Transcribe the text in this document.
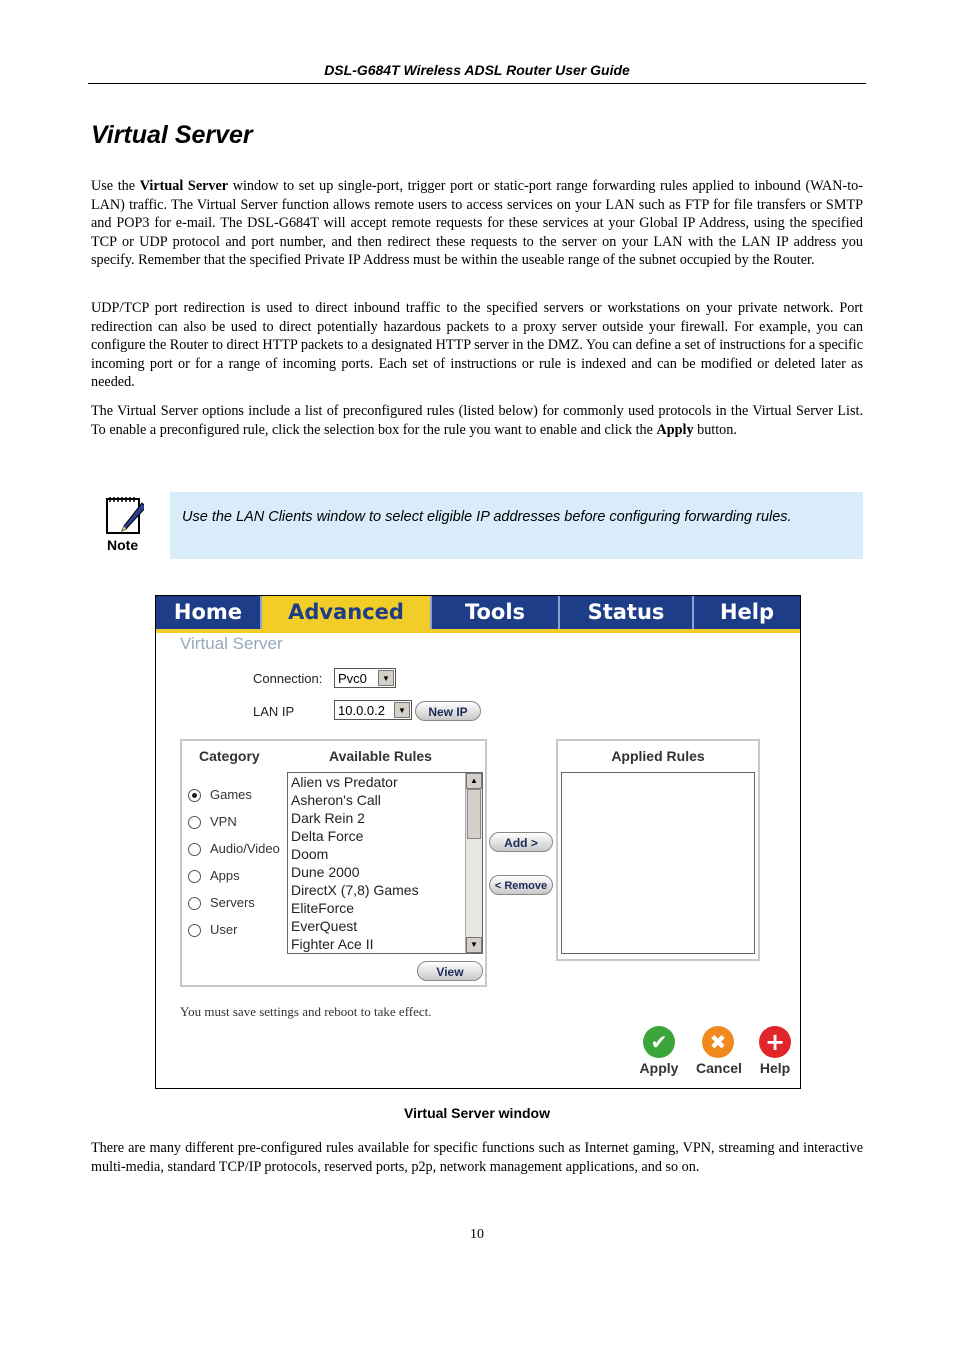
DSL-G684T Wireless ADSL Router User Guide
Virtual Server

Use the Virtual Server window to set up single-port, trigger port or static-port range forwarding rules applied to inbound (WAN-to-LAN) traffic. The Virtual Server function allows remote users to access services on your LAN such as FTP for file transfers or SMTP and POP3 for e-mail. The DSL-G684T will accept remote requests for these services at your Global IP Address, using the specified TCP or UDP protocol and port number, and then redirect these requests to the server on your LAN with the LAN IP address you specify. Remember that the specified Private IP Address must be within the useable range of the subnet occupied by the Router.

UDP/TCP port redirection is used to direct inbound traffic to the specified servers or workstations on your private network. Port redirection can also be used to direct potentially hazardous packets to a proxy server outside your firewall. For example, you can configure the Router to direct HTTP packets to a designated HTTP server in the DMZ. You can define a set of instructions for a specific incoming port or for a range of incoming ports. Each set of instructions or rule is indexed and can be modified or deleted later as needed.

The Virtual Server options include a list of preconfigured rules (listed below) for commonly used protocols in the Virtual Server List. To enable a preconfigured rule, click the selection box for the rule you want to enable and click the Apply button.

Note
Use the LAN Clients window to select eligible IP addresses before configuring forwarding rules.
Home	Advanced	Tools	Status	Help
Virtual Server
Connection:	Pvc0	▼
LAN IP	10.0.0.2	▼	New IP
Category	Available Rules
Games
VPN
Audio/Video
Apps
Servers
User
Alien vs Predator
Asheron's Call
Dark Rein 2
Delta Force
Doom
Dune 2000
DirectX (7,8) Games
EliteForce
EverQuest
Fighter Ace II
▲
▼
View
Add >
< Remove
Applied Rules
You must save settings and reboot to take effect.
✔
Apply
✖
Cancel
+
Help
Virtual Server window

There are many different pre-configured rules available for specific functions such as Internet gaming, VPN, streaming and interactive multi-media, standard TCP/IP protocols, reserved ports, p2p, network management applications, and so on.

10
